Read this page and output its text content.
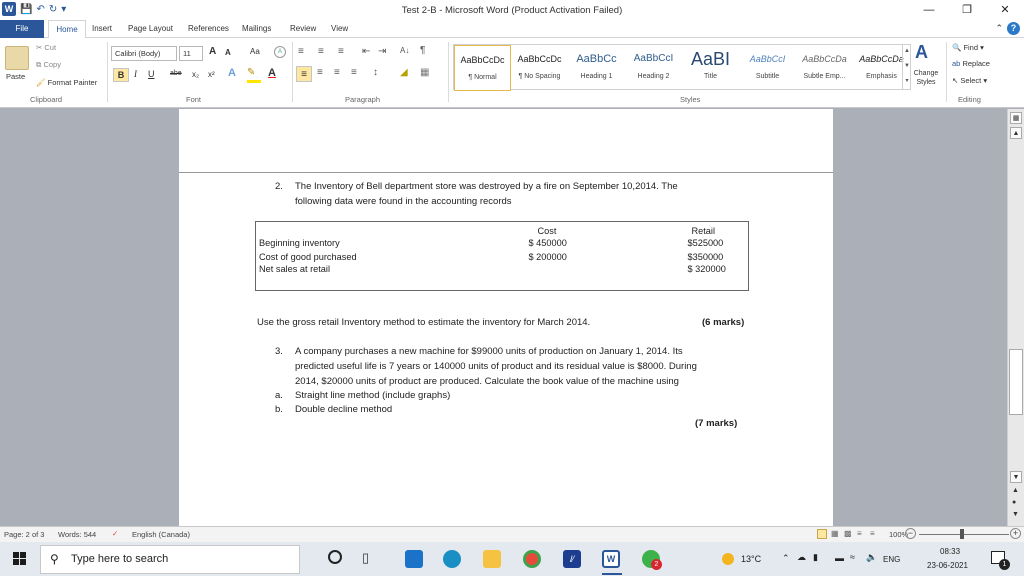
W 💾 ↶ ↻ ▾	Test 2-B - Microsoft Word (Product Activation Failed)	—	❐	✕
File	Home	Insert Page Layout References Mailings Review View	⌃ ?
Paste
✂ Cut
⧉ Copy
🖌 Format Painter
Clipboard
Calibri (Body)	11	A A Aa	A
B	I U abe x₂ x² A ✎ A
Font
≡ ≡ ≡ ⇤ ⇥ A↓ ¶
≡	≡ ≡ ≡ ↕ ◢ ▦
Paragraph
AaBbCcDc
¶ Normal
AaBbCcDc
¶ No Spacing
AaBbCc
Heading 1
AaBbCcI
Heading 2
AaBI
Title
AaBbCcI
Subtitle
AaBbCcDa
Subtle Emp...
AaBbCcDa
Emphasis
▲
▼
▾
A
Change Styles
Styles
🔍 Find ▾
ab Replace
↖ Select ▾
Editing
2. The Inventory of Bell department store was destroyed by a fire on September 10,2014. The
following data were found in the accounting records
	Cost	Retail
Beginning inventory	$ 450000	$525000
Cost of good purchased	$ 200000	$350000
Net sales at retail		$ 320000
Use the gross retail Inventory method to estimate the inventory for March 2014.	(6 marks)
3. A company purchases a new machine for $99000 units of production on January 1, 2014. Its
predicted useful life is 7 years or 140000 units of product and its residual value is $8000. During
2014, $20000 units of product are produced. Calculate the book value of the machine using
a. Straight line method (include graphs)
b. Double decline method
(7 marks)
▦
▲
▼
▲
●
▼
Page: 2 of 3 Words: 544 ✓ English (Canada)	▦ ▩ ≡ ≡ 100% −	+
⚲ Type here to search	▯	/⁄	W
2
13°C ⌃ ☁ ▮ ▬ ≈ 🔈 ENG
08:33
23-06-2021	1
